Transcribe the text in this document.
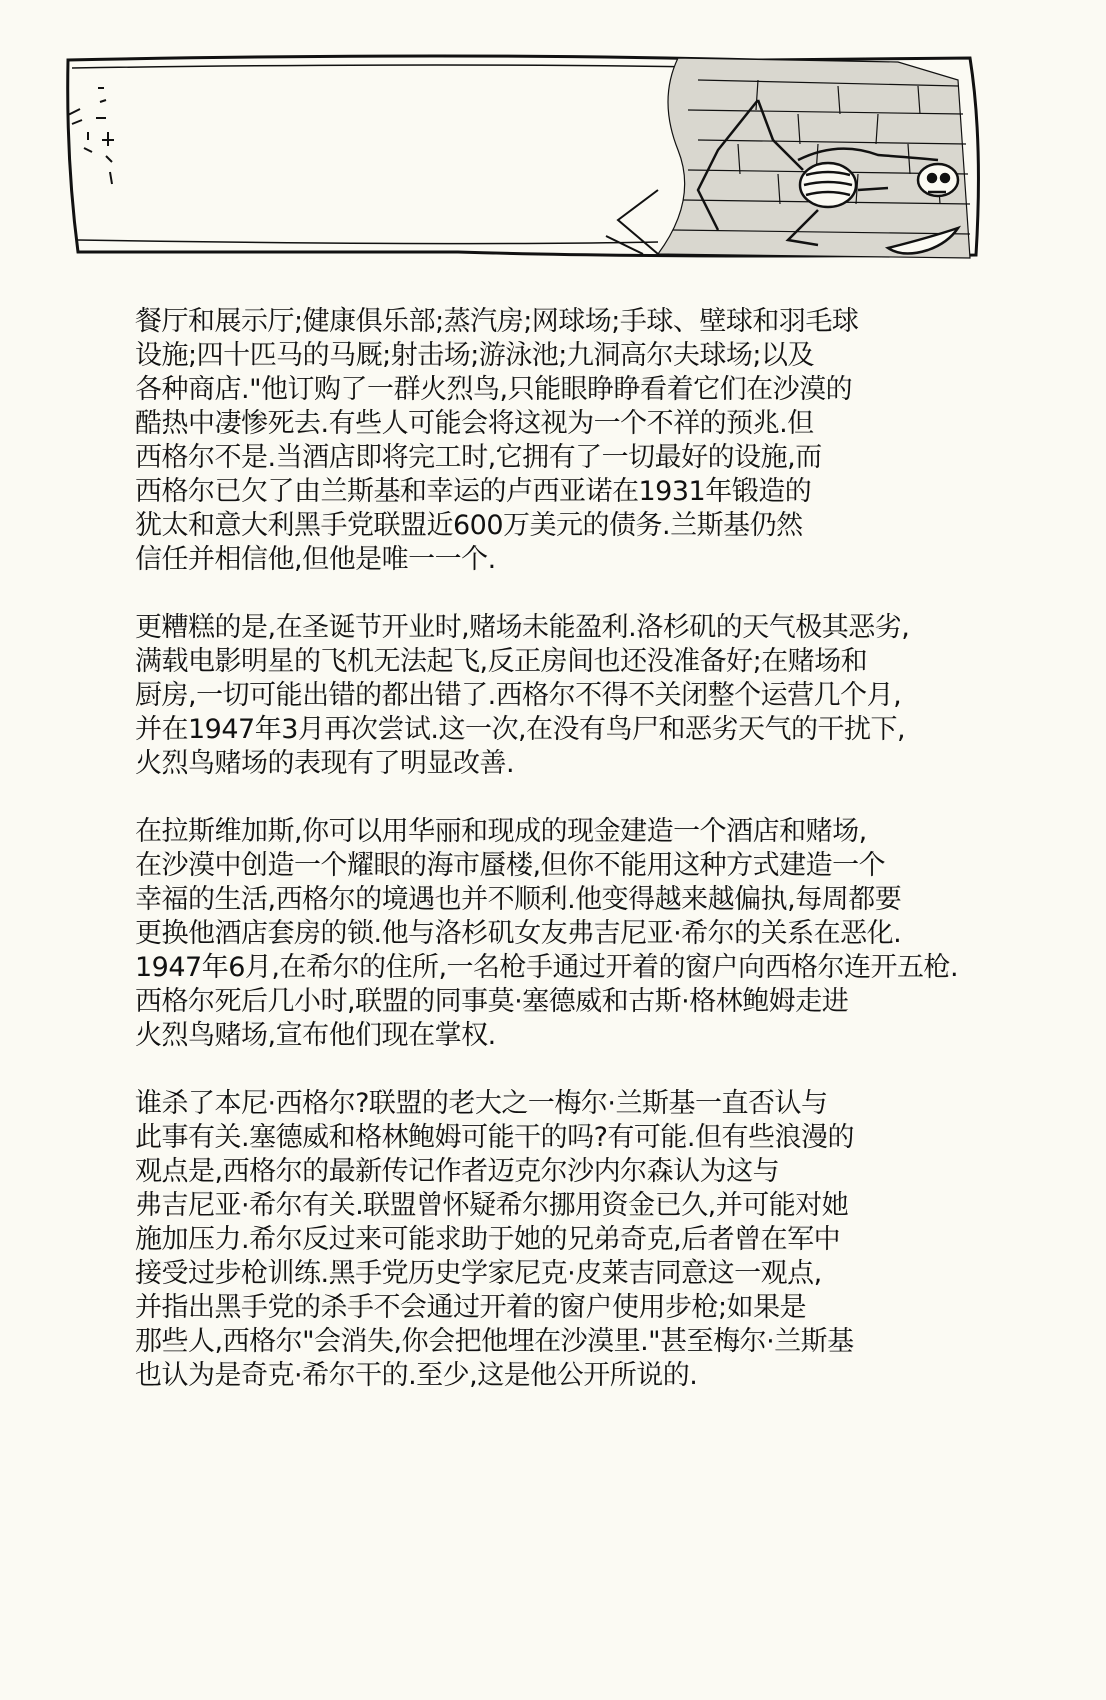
餐厅和展示厅;健康俱乐部;蒸汽房;网球场;手球、壁球和羽毛球
设施;四十匹马的马厩;射击场;游泳池;九洞高尔夫球场;以及
各种商店."他订购了一群火烈鸟,只能眼睁睁看着它们在沙漠的
酷热中凄惨死去.有些人可能会将这视为一个不祥的预兆.但
西格尔不是.当酒店即将完工时,它拥有了一切最好的设施,而
西格尔已欠了由兰斯基和幸运的卢西亚诺在1931年锻造的
犹太和意大利黑手党联盟近600万美元的债务.兰斯基仍然
信任并相信他,但他是唯一一个.
更糟糕的是,在圣诞节开业时,赌场未能盈利.洛杉矶的天气极其恶劣,
满载电影明星的飞机无法起飞,反正房间也还没准备好;在赌场和
厨房,一切可能出错的都出错了.西格尔不得不关闭整个运营几个月,
并在1947年3月再次尝试.这一次,在没有鸟尸和恶劣天气的干扰下,
火烈鸟赌场的表现有了明显改善.
在拉斯维加斯,你可以用华丽和现成的现金建造一个酒店和赌场,
在沙漠中创造一个耀眼的海市蜃楼,但你不能用这种方式建造一个
幸福的生活,西格尔的境遇也并不顺利.他变得越来越偏执,每周都要
更换他酒店套房的锁.他与洛杉矶女友弗吉尼亚·希尔的关系在恶化.
1947年6月,在希尔的住所,一名枪手通过开着的窗户向西格尔连开五枪.
西格尔死后几小时,联盟的同事莫·塞德威和古斯·格林鲍姆走进
火烈鸟赌场,宣布他们现在掌权.
谁杀了本尼·西格尔?联盟的老大之一梅尔·兰斯基一直否认与
此事有关.塞德威和格林鲍姆可能干的吗?有可能.但有些浪漫的
观点是,西格尔的最新传记作者迈克尔沙内尔森认为这与
弗吉尼亚·希尔有关.联盟曾怀疑希尔挪用资金已久,并可能对她
施加压力.希尔反过来可能求助于她的兄弟奇克,后者曾在军中
接受过步枪训练.黑手党历史学家尼克·皮莱吉同意这一观点,
并指出黑手党的杀手不会通过开着的窗户使用步枪;如果是
那些人,西格尔"会消失,你会把他埋在沙漠里."甚至梅尔·兰斯基
也认为是奇克·希尔干的.至少,这是他公开所说的.
